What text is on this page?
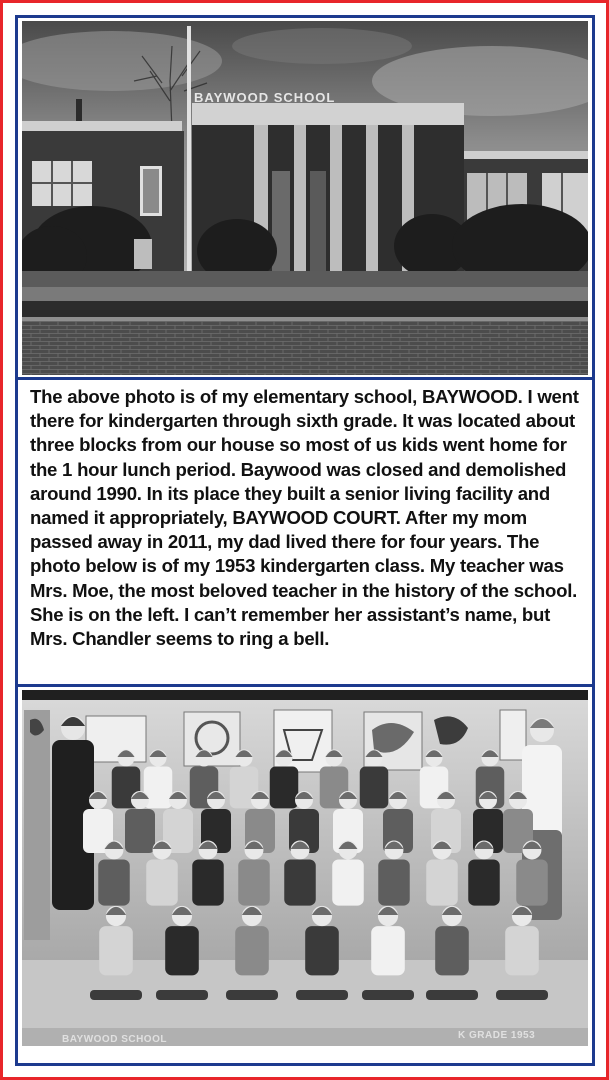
BAYWOOD SCHOOL

The above photo is of my elementary school, BAYWOOD. I went there for kindergarten through sixth grade. It was located about three blocks from our house so most of us kids went home for the 1 hour lunch period. Baywood was closed and demolished around 1990. In its place they built a senior living facility and named it appropriately, BAYWOOD COURT. After my mom passed away in 2011, my dad lived there for four years. The photo below is of my 1953 kindergarten class. My teacher was Mrs. Moe, the most beloved teacher in the history of the school. She is on the left. I can’t remember her assistant’s name, but Mrs. Chandler seems to ring a bell.

BAYWOOD SCHOOL	K GRADE 1953
